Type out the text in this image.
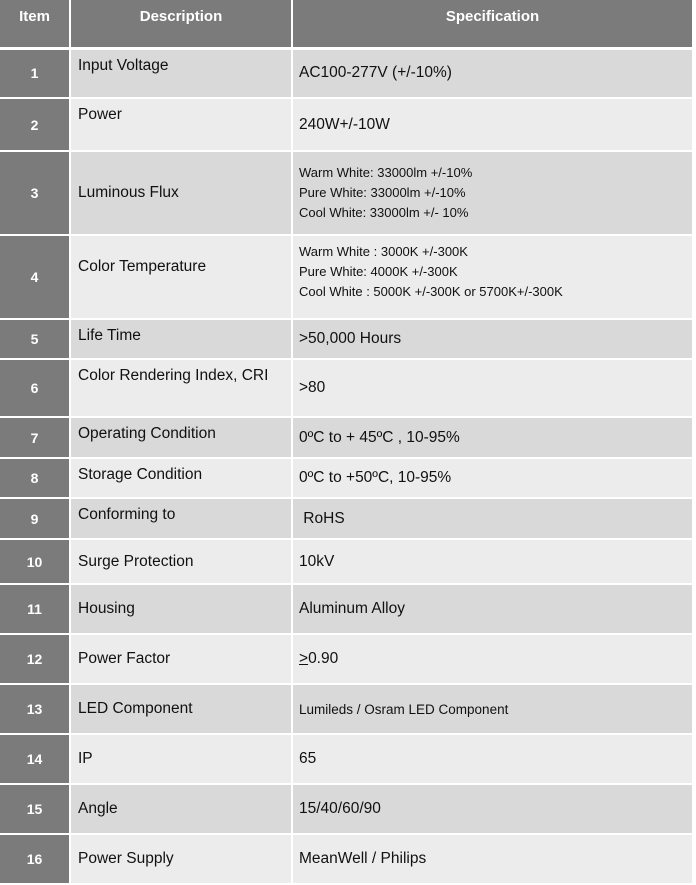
Item	Description	Specification

1	Input Voltage	AC100-277V (+/-10%)
2	Power	240W+/-10W
3	Luminous Flux	Warm White: 33000lm +/-10%
Pure White: 33000lm +/-10%
Cool White: 33000lm +/- 10%

4	Color Temperature	Warm White : 3000K +/-300K
Pure White: 4000K +/-300K
Cool White : 5000K +/-300K or 5700K+/-300K

5	Life Time	>50,000 Hours
6	Color Rendering Index, CRI	>80
7	Operating Condition	0ºC to + 45ºC , 10-95%
8	Storage Condition	0ºC to +50ºC, 10-95%
9	Conforming to	RoHS
10	Surge Protection	10kV
11	Housing	Aluminum Alloy
12	Power Factor	≥0.90
13	LED Component	Lumileds / Osram LED Component
14	IP	65
15	Angle	15/40/60/90
16	Power Supply	MeanWell / Philips
